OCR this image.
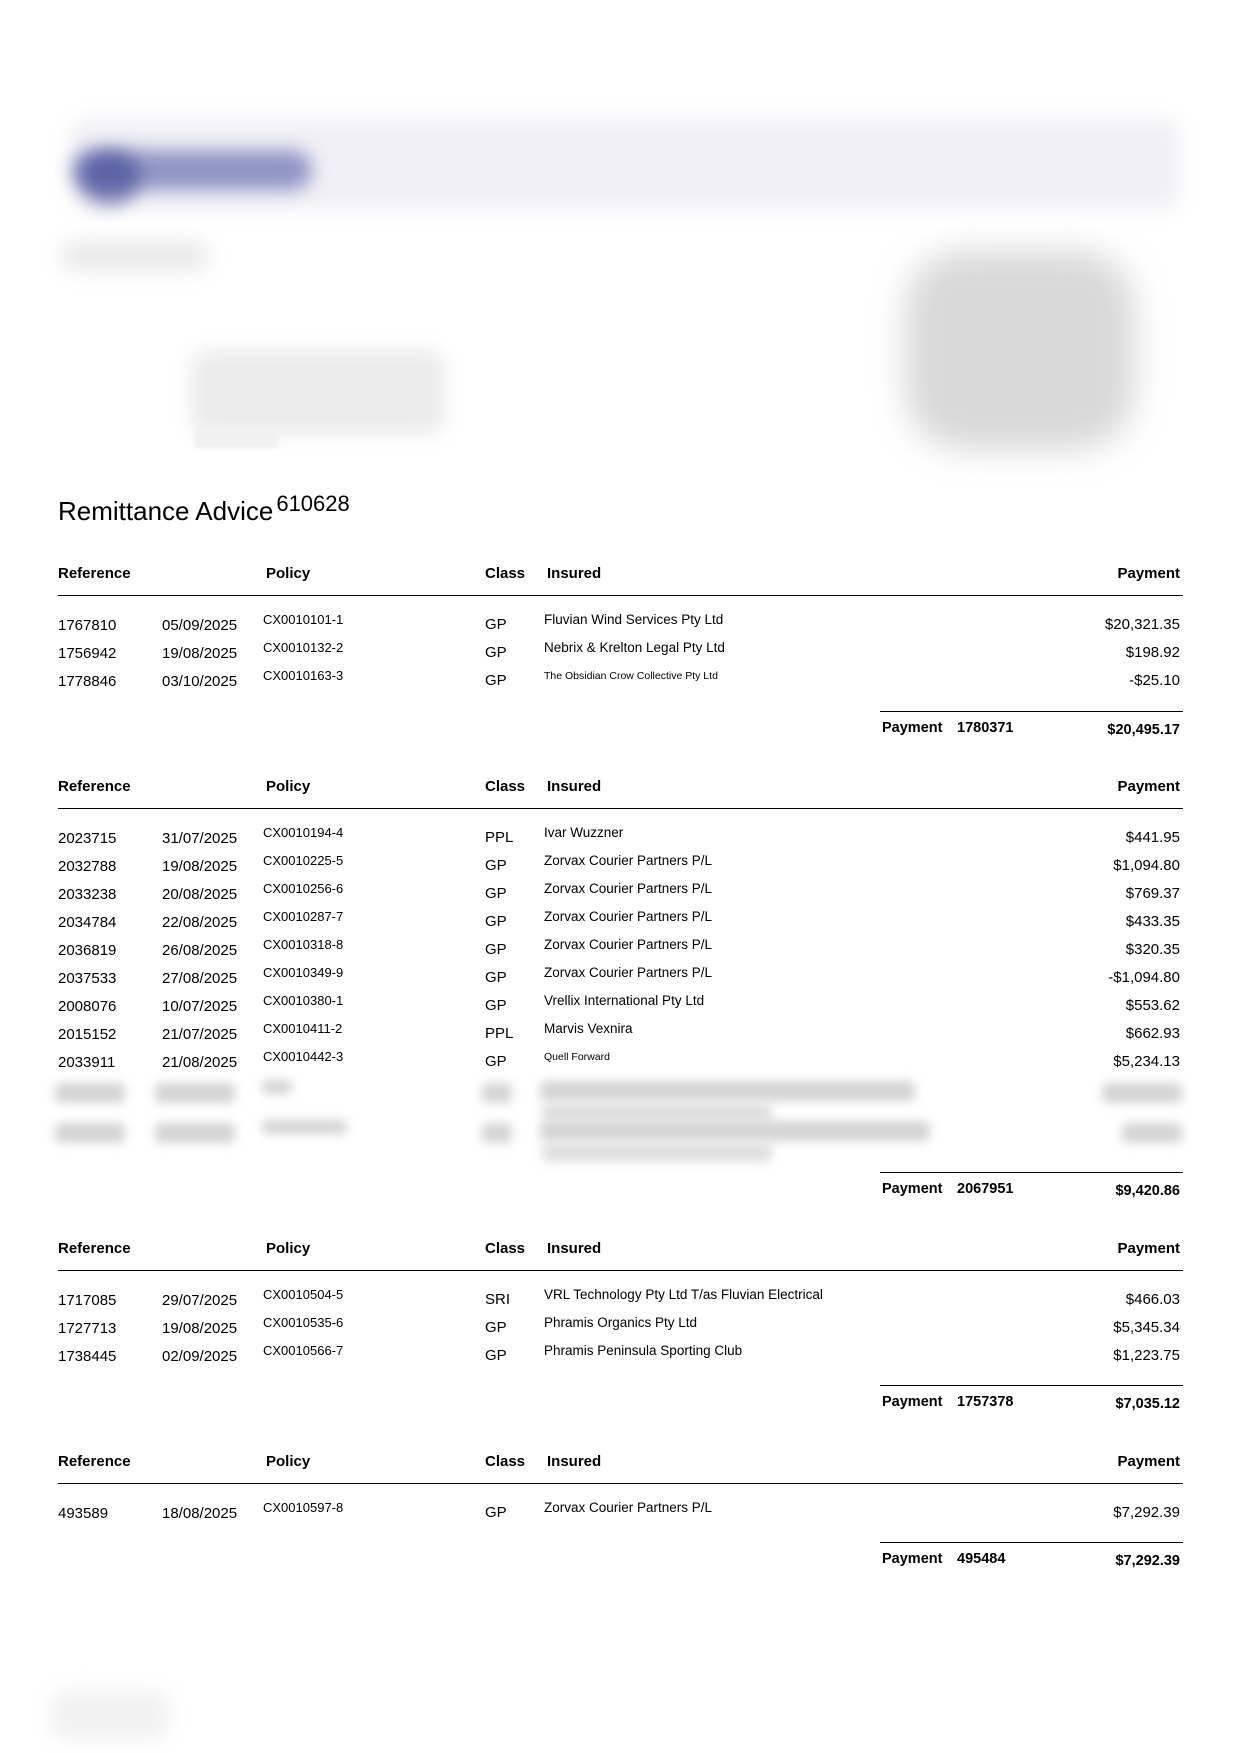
Remittance Advice $^{610628}$
Reference	Policy	Class Insured	Payment
1767810	05/09/2025 CX0010101-1	GP	Fluvian Wind Services Pty Ltd	$20,321.35
1756942	19/08/2025 CX0010132-2	GP	Nebrix & Krelton Legal Pty Ltd	$198.92
1778846	03/10/2025 CX0010163-3	GP	The Obsidian Crow Collective Pty Ltd	-$25.10
Payment 1780371	$20,495.17
Reference	Policy	Class Insured	Payment
2023715	31/07/2025 CX0010194-4	PPL Ivar Wuzzner	$441.95
2032788	19/08/2025 CX0010225-5	GP	Zorvax Courier Partners P/L	$1,094.80
2033238	20/08/2025 CX0010256-6	GP	Zorvax Courier Partners P/L	$769.37
2034784	22/08/2025 CX0010287-7	GP	Zorvax Courier Partners P/L	$433.35
2036819	26/08/2025 CX0010318-8	GP	Zorvax Courier Partners P/L	$320.35
2037533	27/08/2025 CX0010349-9	GP	Zorvax Courier Partners P/L	-$1,094.80
2008076	10/07/2025 CX0010380-1	GP	Vrellix International Pty Ltd	$553.62
2015152	21/07/2025 CX0010411-2	PPL Marvis Vexnira	$662.93
2033911	21/08/2025 CX0010442-3	GP	Quell Forward	$5,234.13
Payment 2067951	$9,420.86
Reference	Policy	Class Insured	Payment
1717085	29/07/2025 CX0010504-5	SRI	VRL Technology Pty Ltd T/as Fluvian Electrical	$466.03
1727713	19/08/2025 CX0010535-6	GP	Phramis Organics Pty Ltd	$5,345.34
1738445	02/09/2025 CX0010566-7	GP	Phramis Peninsula Sporting Club	$1,223.75
Payment 1757378	$7,035.12
Reference	Policy	Class Insured	Payment
493589	18/08/2025 CX0010597-8	GP	Zorvax Courier Partners P/L	$7,292.39
Payment 495484	$7,292.39
